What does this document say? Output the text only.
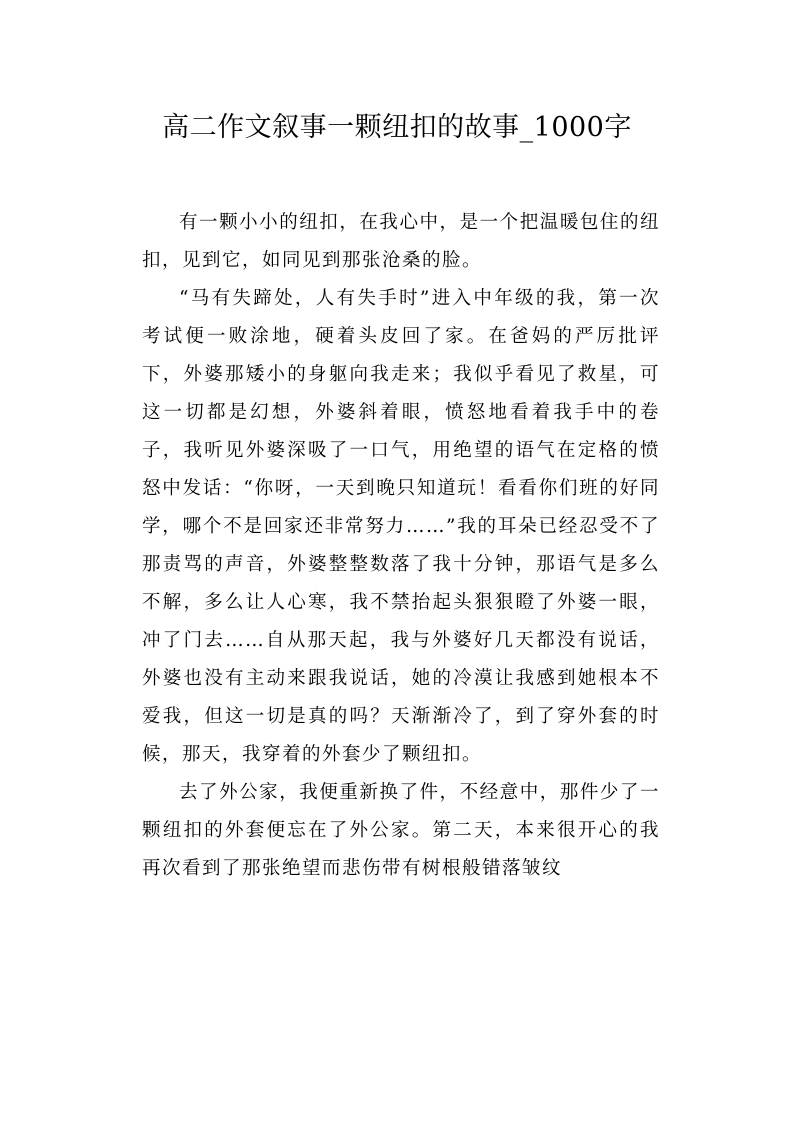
高二作文叙事一颗纽扣的故事_1000字

有一颗小小的纽扣，在我心中，是一个把温暖包住的纽扣，见到它，如同见到那张沧桑的脸。

“马有失蹄处，人有失手时”进入中年级的我，第一次考试便一败涂地，硬着头皮回了家。在爸妈的严厉批评下，外婆那矮小的身躯向我走来；我似乎看见了救星，可这一切都是幻想，外婆斜着眼，愤怒地看着我手中的卷子，我听见外婆深吸了一口气，用绝望的语气在定格的愤怒中发话：“你呀，一天到晚只知道玩！看看你们班的好同学，哪个不是回家还非常努力……”我的耳朵已经忍受不了那责骂的声音，外婆整整数落了我十分钟，那语气是多么不解，多么让人心寒，我不禁抬起头狠狠瞪了外婆一眼，冲了门去……自从那天起，我与外婆好几天都没有说话，外婆也没有主动来跟我说话，她的冷漠让我感到她根本不爱我，但这一切是真的吗？天渐渐冷了，到了穿外套的时候，那天，我穿着的外套少了颗纽扣。

去了外公家，我便重新换了件，不经意中，那件少了一颗纽扣的外套便忘在了外公家。第二天，本来很开心的我再次看到了那张绝望而悲伤带有树根般错落皱纹
